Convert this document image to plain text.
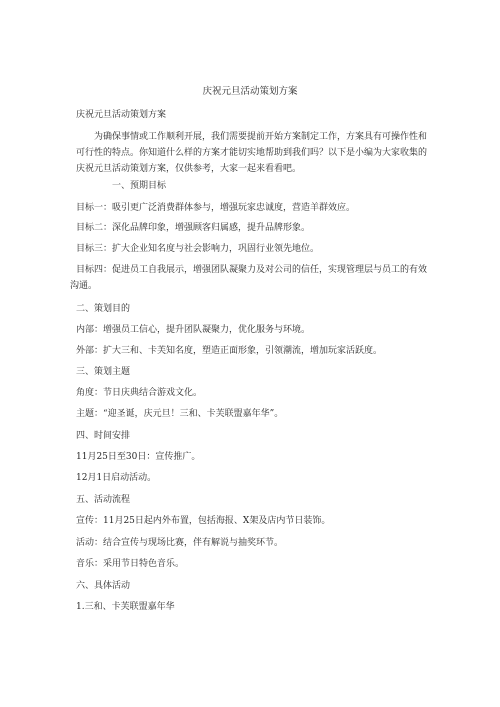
庆祝元旦活动策划方案
庆祝元旦活动策划方案
为确保事情或工作顺利开展，我们需要提前开始方案制定工作，方案具有可操作性和可行性的特点。你知道什么样的方案才能切实地帮助到我们吗？以下是小编为大家收集的庆祝元旦活动策划方案，仅供参考，大家一起来看看吧。
一、预期目标
目标一：吸引更广泛消费群体参与，增强玩家忠诚度，营造羊群效应。
目标二：深化品牌印象，增强顾客归属感，提升品牌形象。
目标三：扩大企业知名度与社会影响力，巩固行业领先地位。
目标四：促进员工自我展示，增强团队凝聚力及对公司的信任，实现管理层与员工的有效沟通。
二、策划目的
内部：增强员工信心，提升团队凝聚力，优化服务与环境。
外部：扩大三和、卡芙知名度，塑造正面形象，引领潮流，增加玩家活跃度。
三、策划主题
角度：节日庆典结合游戏文化。
主题：“迎圣诞，庆元旦！三和、卡芙联盟嘉年华”。
四、时间安排
11月25日至30日：宣传推广。
12月1日启动活动。
五、活动流程
宣传：11月25日起内外布置，包括海报、X架及店内节日装饰。
活动：结合宣传与现场比赛，伴有解说与抽奖环节。
音乐：采用节日特色音乐。
六、具体活动
1.三和、卡芙联盟嘉年华
